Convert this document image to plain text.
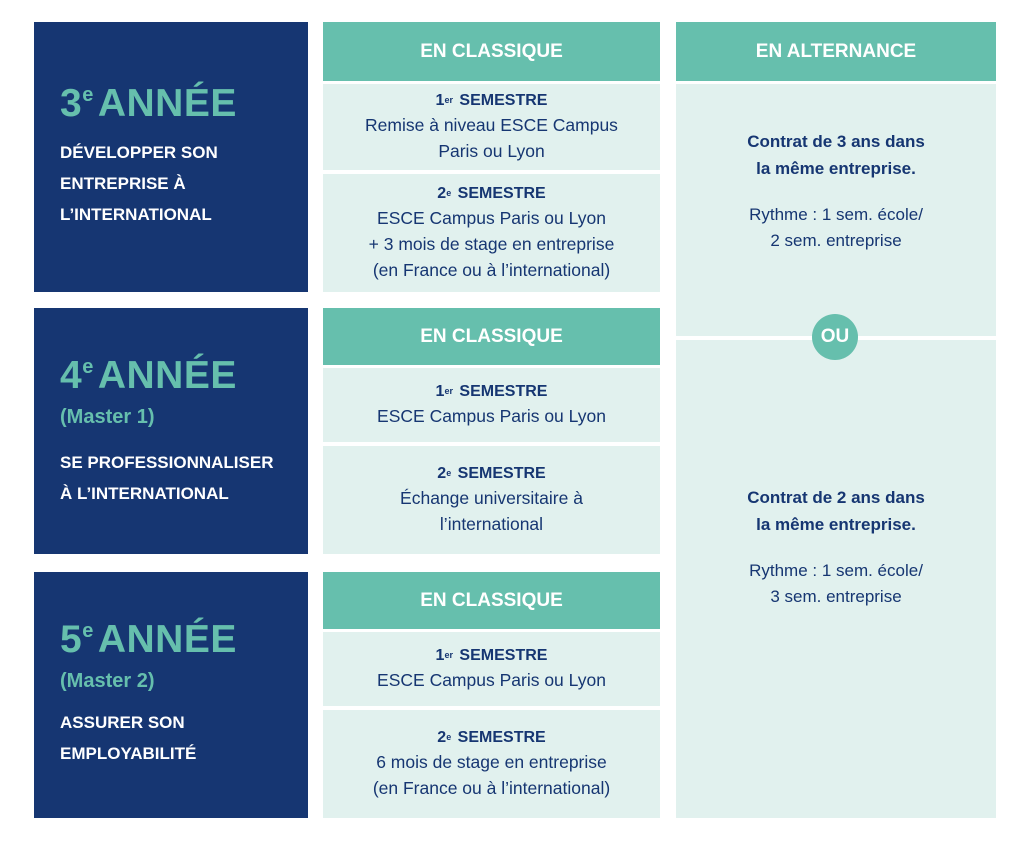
3e ANNÉE
DÉVELOPPER SON
ENTREPRISE À
L’INTERNATIONAL
4e ANNÉE
(Master 1)
SE PROFESSIONNALISER
À L’INTERNATIONAL
5e ANNÉE
(Master 2)
ASSURER SON
EMPLOYABILITÉ
EN CLASSIQUE
1er SEMESTRE
Remise à niveau ESCE Campus
Paris ou Lyon
2e SEMESTRE
ESCE Campus Paris ou Lyon
+ 3 mois de stage en entreprise
(en France ou à l’international)
EN CLASSIQUE
1er SEMESTRE
ESCE Campus Paris ou Lyon
2e SEMESTRE
Échange universitaire à
l’international
EN CLASSIQUE
1er SEMESTRE
ESCE Campus Paris ou Lyon
2e SEMESTRE
6 mois de stage en entreprise
(en France ou à l’international)
EN ALTERNANCE
Contrat de 3 ans dans
la même entreprise.
Rythme : 1 sem. école/
2 sem. entreprise
Contrat de 2 ans dans
la même entreprise.
Rythme : 1 sem. école/
3 sem. entreprise
OU
